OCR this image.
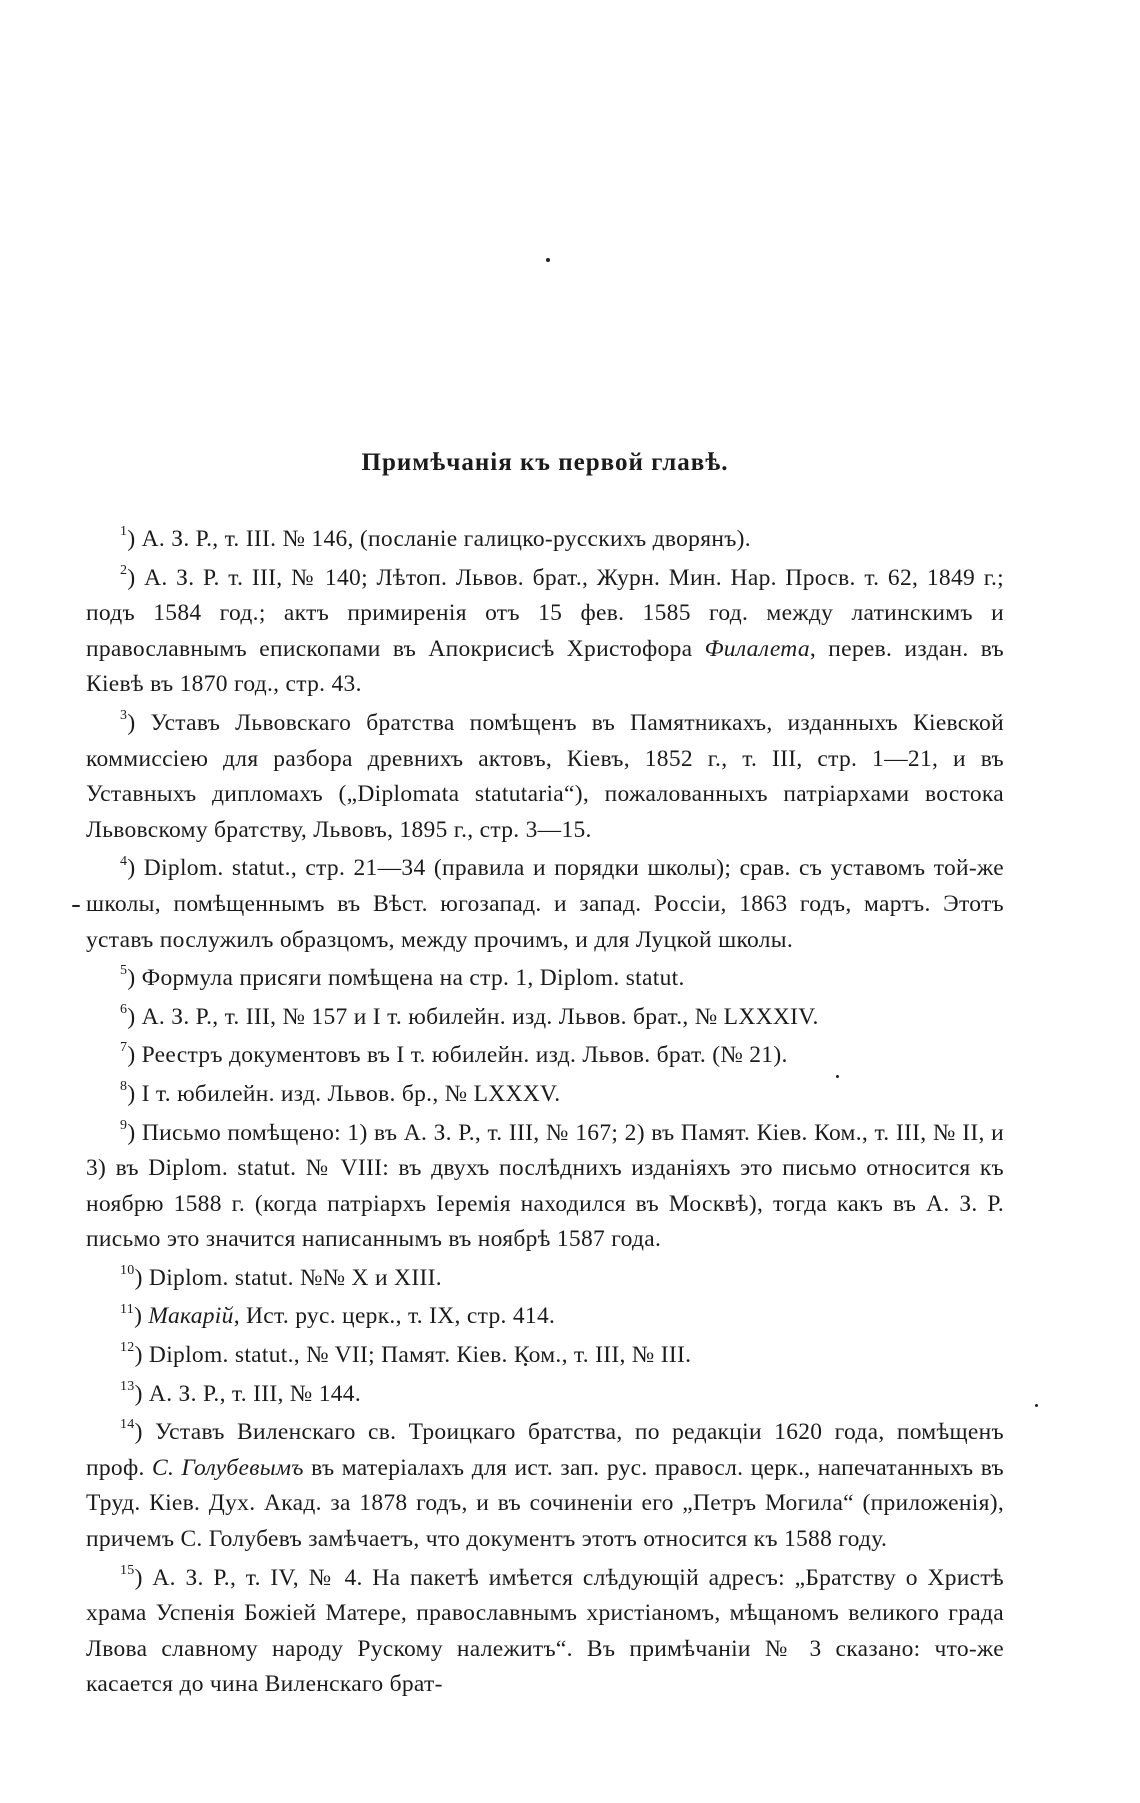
Примѣчанія къ первой главѣ.
$^1$) А. З. Р., т. III. № 146, (посланіе галицко-русскихъ дворянъ).
$^2$) А. З. Р. т. III, № 140; Лѣтоп. Львов. брат., Журн. Мин. Нар. Просв. т. 62, 1849 г.; подъ 1584 год.; актъ примиренія отъ 15 фев. 1585 год. между латинскимъ и православнымъ епископами въ Апокрисисѣ Христофора Филалета, перев. издан. въ Кіевѣ въ 1870 год., стр. 43.
$^3$) Уставъ Львовскаго братства помѣщенъ въ Памятникахъ, изданныхъ Кіевской коммиссіею для разбора древнихъ актовъ, Кіевъ, 1852 г., т. III, стр. 1—21, и въ Уставныхъ дипломахъ („Diplomata statutaria“), пожалованныхъ патріархами востока Львовскому братству, Львовъ, 1895 г., стр. 3—15.
$^4$) Diplom. statut., стр. 21—34 (правила и порядки школы); срав. съ уставомъ той-же школы, помѣщеннымъ въ Вѣст. югозапад. и запад. Россіи, 1863 годъ, мартъ. Этотъ уставъ послужилъ образцомъ, между прочимъ, и для Луцкой школы.
$^5$) Формула присяги помѣщена на стр. 1, Diplom. statut.
$^6$) А. З. Р., т. III, № 157 и I т. юбилейн. изд. Львов. брат., № LXXXIV.
$^7$) Реестръ документовъ въ I т. юбилейн. изд. Львов. брат. (№ 21).
$^8$) I т. юбилейн. изд. Львов. бр., № LXXXV.
$^9$) Письмо помѣщено: 1) въ А. З. Р., т. III, № 167; 2) въ Памят. Кіев. Ком., т. III, № II, и 3) въ Diplom. statut. № VIII: въ двухъ послѣднихъ изданіяхъ это письмо относится къ ноябрю 1588 г. (когда патріархъ Іеремія находился въ Москвѣ), тогда какъ въ А. З. Р. письмо это значится написаннымъ въ ноябрѣ 1587 года.
$^{10}$) Diplom. statut. №№ X и XIII.
$^{11}$) Макарій, Ист. рус. церк., т. IX, стр. 414.
$^{12}$) Diplom. statut., № VII; Памят. Кіев. Ком., т. III, № III.
$^{13}$) А. З. Р., т. III, № 144.
$^{14}$) Уставъ Виленскаго св. Троицкаго братства, по редакціи 1620 года, помѣщенъ проф. С. Голубевымъ въ матеріалахъ для ист. зап. рус. правосл. церк., напечатанныхъ въ Труд. Кіев. Дух. Акад. за 1878 годъ, и въ сочиненіи его „Петръ Могила“ (приложенія), причемъ С. Голубевъ замѣчаетъ, что документъ этотъ относится къ 1588 году.
$^{15}$) А. З. Р., т. IV, № 4. На пакетѣ имѣется слѣдующій адресъ: „Братству о Христѣ храма Успенія Божіей Матере, православнымъ христіаномъ, мѣщаномъ великого града Лвова славному народу Рускому належитъ“. Въ примѣчаніи № 3 сказано: что-же касается до чина Виленскаго брат-
